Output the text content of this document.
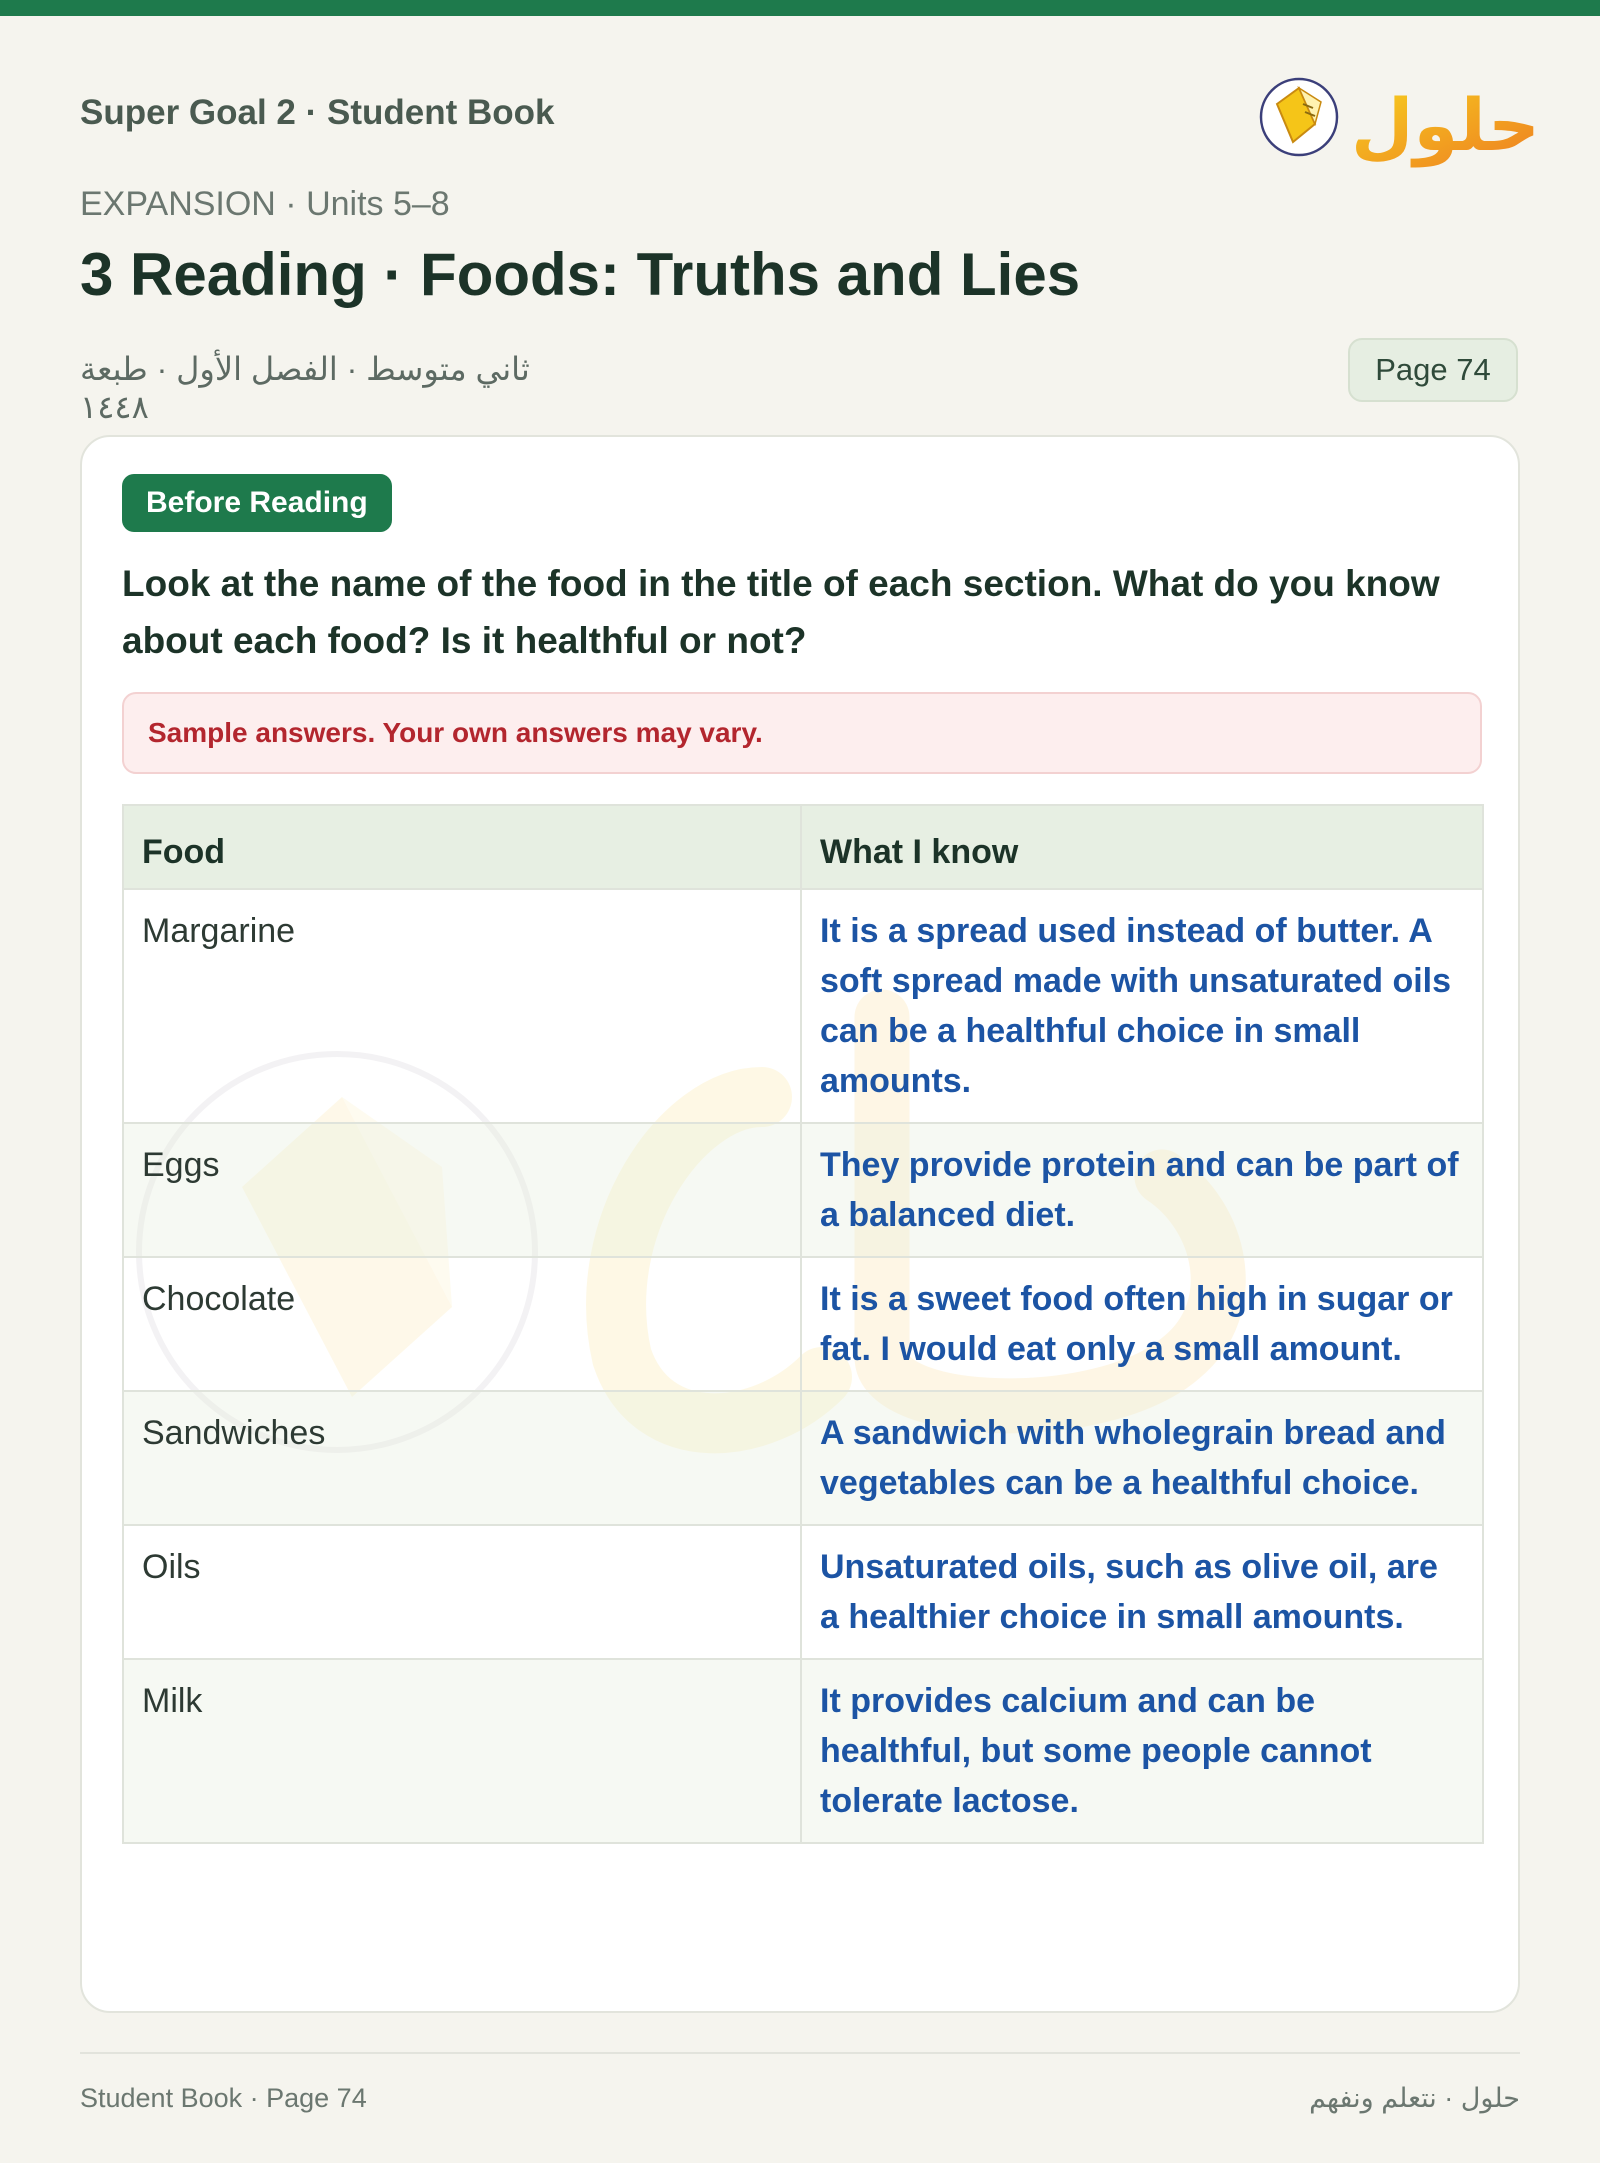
Super Goal 2 · Student Book	حلول
EXPANSION · Units 5–8
3 Reading · Foods: Truths and Lies
ثاني متوسط · الفصل الأول · طبعة ١٤٤٨
Page 74
Before Reading
Look at the name of the food in the title of each section. What do you know about each food? Is it healthful or not?
Sample answers. Your own answers may vary.
Food	What I know
Margarine	It is a spread used instead of butter. A soft spread made with unsaturated oils can be a healthful choice in small amounts.
Eggs	They provide protein and can be part of a balanced diet.
Chocolate	It is a sweet food often high in sugar or fat. I would eat only a small amount.
Sandwiches	A sandwich with wholegrain bread and vegetables can be a healthful choice.
Oils	Unsaturated oils, such as olive oil, are a healthier choice in small amounts.
Milk	It provides calcium and can be healthful, but some people cannot tolerate lactose.
Student Book · Page 74	حلول · نتعلم ونفهم
